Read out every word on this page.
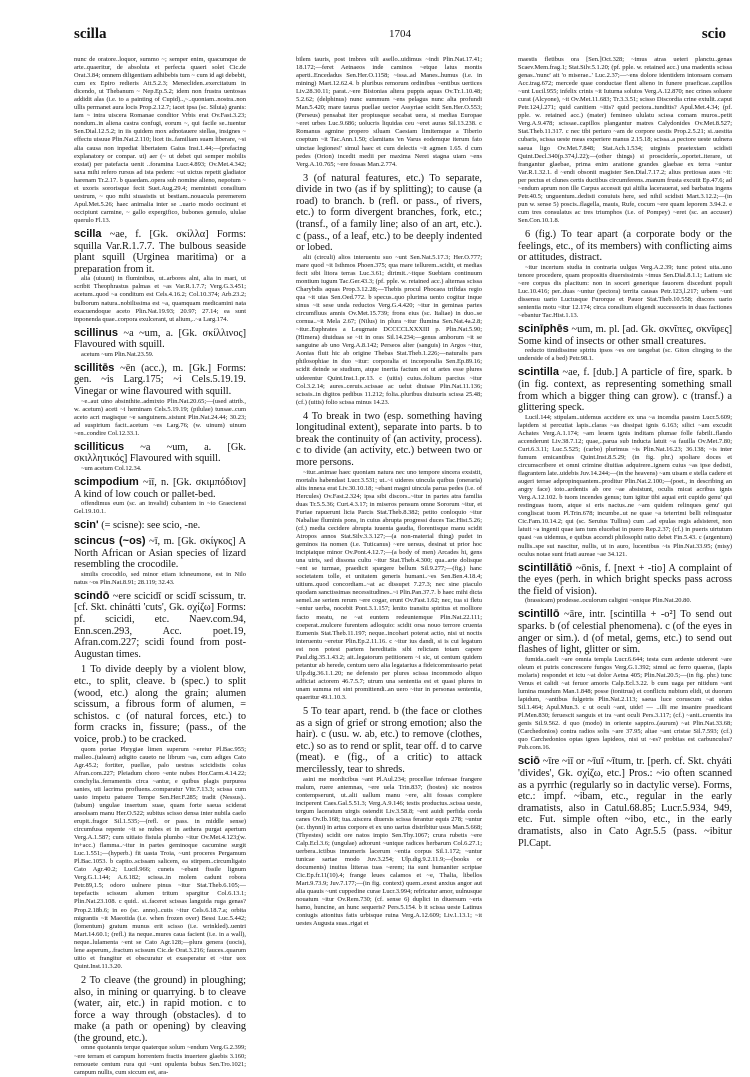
scilla	1704	scio

nunc de oratore..loquor, summo ~; semper enim, quacumque de arte..quaeritur, de absoluta et perfecta quaeri solet Cic.de Orat.3.84; omnem diligentiam adhibebis tum ~ cum id agi debebit, cum ex Epiro redieris Att.5.2.3; Menecliden..exercitatum in dicendo, ut Thebanum ~ Nep.Ep.5.2; idem non frustra uentosas addidit alas (i.e. to a painting of Cupid)..,~..quoniam..nostra..non ullis permanet aura locis Prop.2.12.7; iacet ipsa (sc. Siluia) granis: iam ~ intra uiscera Romanae conditor Vrbis erat Ov.Fast.3.23; nondum..in aliena castra confugi, eorum ~, qui facile se..tuentur Sen.Dial.12.5.2; in iis quidem mox adnotauere stellas, insignes ~ effectu uisuue Plin.Nat.2.110; licet iis..familiam suam liberare, ~si alia causa non inpediat libertatem Gaius Inst.1.44;—(prefacing explanatory or compar. ut) aer (~ ut debet qui semper mobilis exstat) per patefacta uenit ..foramina Lucr.4.893; Ov.Met.4.342; saxa mihi refero rursus ad ista pedem: ~ut uictus repetit gladiator harenam Tr.2.17. b quaedam..opera sub nomine alieno, nepotum ~ et uxoris sororisque fecit Suet.Aug.29.4; meministi consilium uestrum, ~ quo mihi siuasistis ut bestiam..nouacula peremerem Apul.Met.5.26; haec animalia inter se ..uario modo occinunt et occipiunt carmine, ~ gallo expergifico, bubones gemulo, ululae querulo Fl.13.

scilla ~ae, f. [Gk. σκίλλα] Forms: squilla Var.R.1.7.7. The bulbous seaside plant squill (Urginea maritima) or a preparation from it.

alia (uiuunt) in fluminibus, ut..arbores alni, alia in mari, ut scribit Theophrastus palmas et ~as Var.R.1.7.7; Verg.G.3.451; acetum..quod ~a conditum est Cels.4.16.2; Col.10.374; Arb.23.2; bulborum natura..nobilissima est ~a, quamquam medicamini nata exacuendoque aceto Plin.Nat.19.93; 20.97; 27.14; ea sunt inponenda quae..corpora exulcerant, ut alium,..~a Larg.174.

scillinus ~a ~um, a. [Gk. σκίλλινος] Flavoured with squill.

acetum ~um Plin.Nat.23.59.

scillitēs ~ēn (acc.), m. [Gk.] Forms: gen. ~is Larg.175; ~i Cels.5.19.19. Vinegar or wine flavoured with squill.

~e..aut uino absinthite..admixto Plin.Nat.20.65;—(used attrib., w. acetum) aceti ~i heminam Cels.5.19.19; (pilulae) tunsae..cum aceto acri magisque ~e sanguinem..sistunt Plin.Nat.24.44; 30.23; ad suspirium facit..acetum ~es Larg.76; (w. uinum) uinum ~en..condire Col.12.33.1.

scilliticus ~a ~um, a. [Gk. σκιλλητικός] Flavoured with squill.

~um acetum Col.12.34.

scimpodium ~iī, n. [Gk. σκιμπόδιον] A kind of low couch or pallet-bed.

offendimus eum (sc. an invalid) cubantem in ~io Graeciensi Gel.19.10.1.

scin' (= scisne): see scio, -ne.

scincus (~os) ~ī, m. [Gk. σκίγκος] A North African or Asian species of lizard resembling the crocodile.

similis crocodilo, sed minor etiam ichneumone, est in Nilo natus ~os Plin.Nat.8.91; 28.119; 32.43.

scindō ~ere scicidī or scidī scissum, tr. [cf. Skt. chinátti 'cuts', Gk. σχίζω] Forms: pf. scicidi, etc. Naev.com.94, Enn.scen.293, Acc. poet.19, Afran.com.227; scidi found from post-Augustan times.

1 To divide deeply by a violent blow, etc., to split, cleave. b (spec.) to split (wood, etc.) along the grain; alumen scissum, a fibrous form of alumen, = schistos. c (of natural forces, etc.) to form cracks in, fissure; (pass., of the voice, prob.) to be cracked.

quom portae Phrygiae limen superum ~eretur Pl.Bac.955; malleo..(taleam) adigito caueto ne librum ~as, cum adiges Cato Agr.45.2; fortiter, puellae, palo uestras scicidistis colus Afran.com.227; Pleiadum choro ~ente nubes Hor.Carm.4.14.22; conchylia..ferramentis circa ~antur, e quibus plagis purpurea sanies, uti lacrima profluens..comparatur Vitr.7.13.3; scissa cum uasto impetu patuere Tempe Sen.Her.F.285; tradit (Nessus)..(tabum) ungulae insertum suae, quam forte saeua sciderat ansolsam manu Her.O.522; subitus scisso densa inter nubila caelo erupit..fragor Sil.1.535;—(refl. or pass. in middle sense) circumfusa repente ~it se nubes et in aethera purgat apertum Verg.A.1.587; cum uitiato fistula plumbo ~itur Ov.Met.4.123;(w. in+acc.) flamma..~itur in partes geminoque cacumine surgit Luc.1.551;—(hyperb.) fit uasta Troia, ~unt proceres Pergamum Pl.Bac.1053. b capito..scissam salicem, ea stirpem..circumligato Cato Agr.40.2; Lucil.966; cuneis ~ebant fissile lignum Verg.G.1.144; A.6.182; scissa..in molem cadunt robora Petr.89,1.5; odoro uulnere pinus ~itur Stat.Theb.6.105;—tepefactis scissum alumen tritum spargitur Col.6.13.1; Plin.Nat.23.108. c quid.. si..faceret scissas languida ruga genas? Prop.2.18b.6; in eo (sc. anno)..cutis ~itur Cels.6.18.7.a; orbita migrantis ~it Maeotida (i.e. when frozen over) Bessi Luc.5.442; (lomentum) gratum munus erit scisso (i.e. wrinkled)..uentri Mart.14.60.1; (refl.) ita neque..mures caua facient (i.e. in a wall), neque..lulamenta ~ent se Cato Agr.128;—plura genera (uocis), lene asperum,..fractum scissum Cic.de Orat.3.216; fauces..quarum uitio et frangitur et obscuratur et exasperatur et ~itur uox Quint.Inst.11.3.20.

2 To cleave (the ground) in ploughing; also, in mining or quarrying. b to cleave (water, air, etc.) in rapid motion. c to force a way through (obstacles). d to make (a path or opening) by cleaving (the ground, etc.).

omne quotannis terque quaterque solum ~endum Verg.G.2.399; ~ere terram et campum horrentem fractis inuertere glaebis 3.160; remouete centum rura qui ~unt opulenta bubus Sen.Tro.1021; campum nullis, cum siccum est, ara-

bilem tauris, post imbres uili asello..uidimus ~indi Plin.Nat.17.41; 18.172;—feret Aetnaeos inde caminos ~etque latus montis aperti..Encedadus Sen.Her.O.1158; ~issa..ad Manes..humus (i.e. in mining) Mart.12.62.4. b pluribus remorum ordinibus ~entibus uertices Liv.28.30.11; parat..~ere Bistonias altera puppis aquas Ov.Tr.1.10.48; 5.2.62; (delphinus) nunc summum ~ens pelagus nunc alta profundi Man.5.420; mare taurus puellae uector Assyriae scidit Sen.Her.O.553; (Perseus) pensabat iter propiusque secabat uera, si medias Europae ~eret urbes Luc.9.686; uolucris liquidas ceu ~eret auras Sil.13.238. c Romanus agmine propero siluam Caesiam limitemque a Tiberio coeptum ~it Tac.Ann.1.50; clamitans 'en Varus eodemque iterum fato uinctae legiones!' simul haec et cum delectis ~it agmen 1.65. d cum pedes (Orion) incedit medii per maxima Nerei stagna uiam ~ens Verg.A.10.765; ~ere fossas Man.2.774.

3 (of natural features, etc.) To separate, divide in two (as if by splitting); to cause (a road) to branch. b (refl. or pass., of rivers, etc.) to form divergent branches, fork, etc.; (transf., of a family line; also of an art, etc.). c (pass., of a leaf, etc.) to be deeply indented or lobed.

alii (circuli) alios interuentu suo ~unt Sen.Nat.5.17.3; Her.O.777; mare quod ~it Isthmos Phoen.375; qua mare tellurem..scidit, et medias fecit sibi litora terras Luc.3.61; dirimit..~itque Suebiam continuum montium iugum Tac.Ger.43.3; (pf. pple. w. retained acc.) alternas scissa Charybdis aquas Prop.3.12.28;—Thebis procul Phocaea trifidas regio qua ~it uias Sen.Oed.772. b specus..quo plurima uento cogitur inque sinus ~it sese unda reductos Verg.G.4.420; ~itur in geminas partes circumfluus amnis Ov.Met.15.739; frons eius (sc. Italiae) in duo..se cornua..~it Mela 2.67; (Nilus) in plura ~itur flumina Sen.Nat.4a.2.8; ~itur..Euphrates a Leugmate DCCCCLXXXIII p. Plin.Nat.5.90; (Himera) diuiduas se ~it in oras Sil.14.234;—genus amborum ~it se sanguine ab uno Verg.A.8.142; Perseos alter (sanguis) in Argos ~itur, Aonias fluit hic ab origine Thebas Stat.Theb.1.226;—naturalis pars philosophiae in duo ~itur: corporalia et incorporalia Sen.Ep.89.16; scidit deinde se studium, atque inertia factum est ut artes esse plures uiderentur Quint.Inst.1.pr.13. c (uitis) cuius..folium parcius ~itur Col.3.2.14; aures..ceruis..scissae ac uelut diuisae Plin.Nat.11.136; scissis..in digitos pedibus 11.212; folia..pluribus diuisuris scissa 25.48; (cf.) (uitis) folio scissa minus 14.23.

4 To break in two (esp. something having longitudinal extent), separate into parts. b to break the continuity of (an activity, process). c to divide (an activity, etc.) between two or more persons.

~itur..animae haec quoniam natura nec uno tempore sincera exsistit, mortalis habendast Lucr.3.531; ut..~i uideres uincula quibus (oneraria) aliis innexa erat Liv.30.10.18; ~ebant magni uincula parua pedes (i.e. of Hercules) Ov.Fast.2.324; ipsa sibi discors..~itur in partes atra familia duas Tr.5.5.36; Curt.4.3.17; in miseros pensum omne Sororum ~itur, et Furiae rapuerunt licia Parcis Stat.Theb.8.382; petito conloquio ~itur Nabaliae fluminis pons, in cuius abrupta progressi duces Tac.Hist.5.26; (cf.) media cecidere abrupta iuuenta gaudia, florentisque manu scidit Atropos annos Stat.Silv.3.3.127;—(a non-material thing) pudet in geminos ita nomen (i.e. Tuticanus) ~ere uersus, desinat ut prior hoc incipiatque minor Ov.Pont.4.12.7;—(a body of men) Arcades hi, gens una uiris, sed dissona cultu ~itur Stat.Theb.4.300; qua..arte dolisque ~ent se turmae, praedicit spargere bellum Sil.9.277;—(fig.) hanc societatem tolle, et unitatem generis humani..~es Sen.Ben.4.18.4; uitium..quod concordiam..~at ac dissupet 7.27.3; nec sine piaculo quodam sanctissimas necessitudines..~i Plin.Pan.37.7. b haec mihi dicta semel..ne seriem rerum ~ere cogar, erunt Ov.Fast.1.62; nec, tua si fletu ~entur uerba, nocebit Pont.3.1.157; lenito transitu spiritus et molliore facto meatu, ne ~at euntem redeuntemque Plin.Nat.22.111; coeperat..mulcere furentem adloquio: scidit orsa nouo terrore cruenta Eumenis Stat.Theb.11.197; neque..incohari poterat actio, nisi ut noctis interuentu ~eretur Plin.Ep.2.11.16. c ~itur ius dandi, si is cui legatum est non potest partem hereditatis sibi relictam totam capere Paul.dig.35.1.43.2; ait..legatorum petitionem ~i sic, ut centum quidem petantur ab herede, centum uero alia legatarius a fideicommissario petat Ulp.dig.36.1.1.20; ne defensio per plures scissa incommodo aliquo adficiat actorem 46.7.5.7; utrum una sententia est et quasi plures in unam summa rei sint promittendi..an uero ~itur in personas sententia, quaeritur 49.1.10.3.

5 To tear apart, rend. b (the face or clothes as a sign of grief or strong emotion; also the hair). c (usu. w. ab, etc.) to remove (clothes, etc.) so as to rend or split, tear off. d to carve (meat). e (fig., of a critic) to attack mercilessly, tear to shreds.

asini me mordicibus ~ant Pl.Aul.234; procellae infensae frangere malum, ruere antemnas, ~ere uela Trin.837; (hostes) sic nostros contempserunt, ut..alii uallum manu ~ere, alii fossas complere inciperent Caes.Gal.5.51.3; Verg.A.9.146; testis productus..scissa ueste, tergum laceratum uirgis ostendit Liv.3.58.8; ~ent auidi perfida corda canes Ov.Ib.168; tua..uiscera diuersis scissa ferantur equis 278; ~untur (sc. thynni) in artus corpore et ex uno uarius distribitur usus Man.5.668; (Thyestes) scidit ore natos impio Sen.Thy.1067; crura rubetis ~ere Calp.Ecl.3.6; (ungulae) adtorunt ~untque radices herbarum Col.6.27.1; uerbera..ictibus innumeris lacerum ~entia corpus Sil.1.172; ~untur tunicae sartae modo Juv.3.254; Ulp.dig.9.2.11.9;—(books or documents) inuitus litteras tuas ~erem; ita sunt humaniter scriptae Cic.Ep.fr.11(10).4; frange leues calamos et ~e, Thalia, libellos Mart.9.73.9; Juv.7.177;—(in fig. context) quem..exest anxius angor aut alia quauis ~unt cuppedine curae Lucr.3.994; refricatur amor, uulnusque nouatum ~itur Ov.Rem.730; (cf. sense 6) duplici in diuersum ~eris hamo, huncine, an hunc sequeris? Pers.5.154. b it scissa ueste Latinus coniugis attonitus fatis urbisque ruina Verg.A.12.609; Liv.1.13.1; ~it uestes Augusta suas..rigat et

maestis fletibus ora [Sen.]Oct.328; ~imus atras ueteri planctu..genas Scaev.Mem.frag.1; Stat.Silv.5.1.20; (pf. pple. w. retained acc.) una madentis scissa genas..'nunc' ait 'o miserae..' Luc.2.37;—~ens dolore identidem intonsam comam Acc.trag.672; mercede quae conductae flent alieno in funere praeficae..capillos ~unt Lucil.955; infelix crinis ~it Iuturna solutos Verg.A.12.870; nec crines soluere curat (Alcyone), ~it Ov.Met.11.683; Tr.3.3.51; scisso Discordia crine extulit..caput Petr.124,l.271; quid canitiem ~itis? quid pectora..tunditis? Apul.Met.4.34; (pf. pple. w. retained acc.) (mater) femineo ululatu scissa comam muros..petit Verg.A.9.478; scissae..capillos plangantur matres Calydonides Ov.Met.8.527; Stat.Theb.11.317. c nec tibi periuro ~am de corpore uestis Prop.2.5.21; si..uestita cubaris, scissa ueste meas experiere manus 2.15.18; scissa..a pectore ueste uulnera saeua ligo Ov.Met.7.848; Stat.Ach.1.534; uirginis praetextam scidisti Quint.Decl.340(p.374,l.22);—(other things) si prosciderís,..oportet..iterare, ut frangantur glaebae, prima enim aratione grandes glaebae ex terra ~untur Var.R.1.32.1. d ~endi obsonii magister Sen.Dial.7.17.2; alius pretiosas aues ~it: per pectus et clunes certis ductibus circumferens..manum frusta excutit Ep.47.6; ad ~endum aprum non ille Carpus accessit qui altilia lacerauerat, sed barbatus ingens Petr.40.5; unguentum..dedisti conuiuis here, sed nihil scidisti Mart.3.12.2;—(in pun w. sense 5) poscis..flagella, mauis, Rufe, cocum ~ere quam leporem 3.94.2. e cum tres consulatus ac tres triumphos (i.e. of Pompey) ~eret (sc. an accuser) Sen.Con.10.1.8.

6 (fig.) To tear apart (a corporate body or the feelings, etc., of its members) with conflicting aims or attitudes, distract.

~itur incertum studia in contraria uulgus Verg.A.2.39; tunc potest uita..uno tenore procedere, quam propositis diuersissimis ~imus Sen.Dial.8.1.1; Latium sic ~ere corpus dis placitum: non in soceri generique fauorem discedunt populi Luc.10.416; per..duas ~untur (pectora) territa causas Petr.123,l.217; urbem ~unt dissensu uario Luctusque Furorque et Pauor Stat.Theb.10.558; discors uario sententia motu ~itur 12.174; circa consilium eligendi successoris in duas factiones ~ebantur Tac.Hist.1.13.

scinīphēs ~um, m. pl. [ad. Gk. σκνῖπες, σκνῖφες] Some kind of insects or other small creatures.

reducto timidissime spiritu ipsos ~es ore tangebat (sc. Giton clinging to the underside of a bed) Petr.98.1.

scintilla ~ae, f. [dub.] A particle of fire, spark. b (in fig. context, as representing something small from which a bigger thing can grow). c (transf.) a glittering speck.

Lucil.144; stipulam..uidemus accidere ex una ~a incendia passim Lucr.5.609; lapidem si percutiat lapis..claras ~as dissipat ignis 6.163; silici ~am excudit Achates Verg.A.1.174; ~am leuem ignis inditam plumae folle fabrili..flando accenderunt Liv.38.7.12; quae,..parua sub inducta latuit ~a fauilla Ov.Met.7.80; Curt.6.3.11; Luc.5.525; (carbo) plurimus ~is Plin.Nat.16.23; 36.138; ~is inter fumum emicantibus Quint.Inst.8.5.29; (in fig. phr.) spoliare doces et circumscribere et omni crimine diuitias adquirere..ignem cuius ~as ipse dedisti, flagrantem late..uidebis Juv.14.244;—(in the heavens) ~am uisam e stella cadere et augeri terrae adpropinquantem..proditur Plin.Nat.2.100;—(poet., in describing an angry face) toto..ardentis ab ore ~ae absistunt, oculis micat acribus ignis Verg.A.12.102. b tuom incendes genus; tum igitur tibi aquai erit cupido genu' qui restinguas tuom, atque si eris nactus..ne ~am quidem relinques genu' qui congliscat tuom Pl.Trin.678; incumbe..ut ne quae ~a teterrimi belli relinquatur Cic.Fam.10.14.2; qui (sc. Seruius Tullius) cum ..ad epulas regis adsisteret, non latuit ~a ingenii quae iam tum elucebat in puero Rep.2.37; (cf.) in pueris uirtutum quasi ~as uidemus, e quibus accendi philosophi ratio debet Fin.5.43. c (argentum) nullis..spe sui nascitur, nullis, ut in auro, lucentibus ~is Plin.Nat.33.95; (misy) oculus notae sunt friati aureae ~ae 34.121.

scintillātiō ~ōnis, f. [next + -tio] A complaint of the eyes (perh. in which bright specks pass across the field of vision).

(brassicam) prodesse..oculorum caligini ~onique Plin.Nat.20.80.

scintillō ~āre, intr. [scintilla + -o²] To send out sparks. b (of celestial phenomena). c (of the eyes in anger or sim.). d (of metal, gems, etc.) to send out flashes of light, glitter or sim.

fumida..caeli ~are omnia templa Lucr.6.644; testa cum ardente uiderent ~are oleum et putris concrescere fungos Verg.G.1.392; simul ac ferro quaeras, (lapis molaris) respondet et ictu ~at dolor Aetna 405; Plin.Nat.20.5;—(in fig. phr.) tunc Venus et calidi ~at feruor amoris Calp.Ecl.3.22. b cum uaga per nitidum ~ant lumina mundum Man.1.848; posse (tonitrua) et conflictu nubium elidi, ut duorum lapidum, ~antibus fulgetris Plin.Nat.2.113; saeua luce coruscum ~at sidus Sil.1.464; Apul.Mun.3. c ut oculi ~ant, uide! — ..illi me insanire praedicant Pl.Men.830; feruescit sanguis et ira ~ant oculi Pers.3.117; (cf.) ~anit..cruentis ira genis Sil.9.562. d quo (modo) in oriente sappiro..(aurum) ~at Plin.Nat.33.68; (Carchedonios) contra radios solis ~are 37.95; altae ~ant cristae Sil.7.593; (cf.) quo Carchedonios optas ignes lapideos, nisi ut ~es? probitas est carbunculus? Pub.com.16.

sciō ~īre ~iī or ~īuī ~ītum, tr. [perh. cf. Skt. chyáti 'divides', Gk. σχίζω, etc.] Pros.: ~io often scanned as a pyrrhic (regularly so in dactylic verse). Forms, etc.: impf. ~ibam, etc., regular in the early dramatists, also in Catul.68.85; Lucr.5.934, 949, etc. Fut. simple often ~ibo, etc., in the early dramatists, also in Cato Agr.5.5 (pass. ~ibitur Pl.Capt.
